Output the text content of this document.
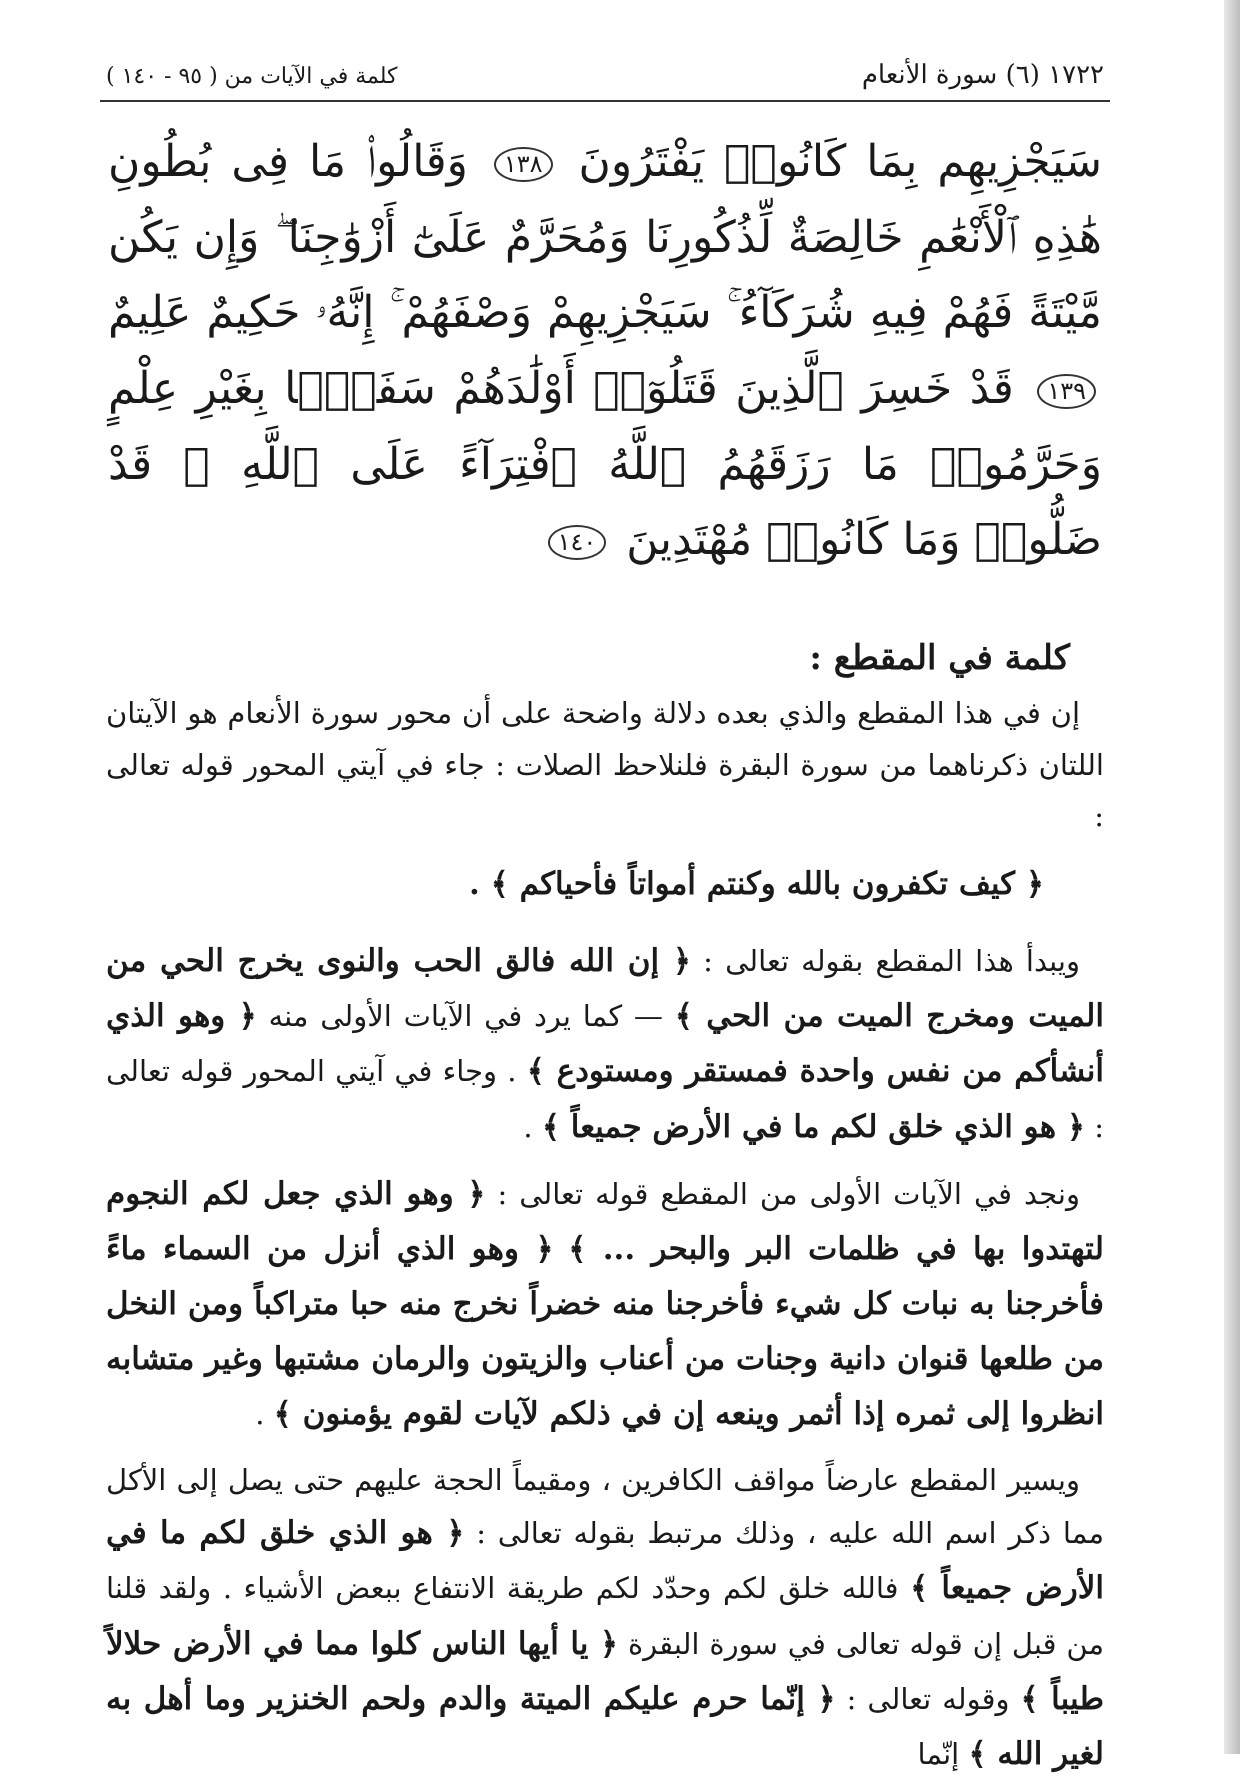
١٧٢٢ (٦) سورة الأنعام
كلمة في الآيات من ( ٩٥ - ١٤٠ )
سَيَجْزِيهِم بِمَا كَانُوا۟ يَفْتَرُونَ ١٣٨ وَقَالُوا۟ مَا فِى بُطُونِ هَٰذِهِ ٱلْأَنْعَٰمِ خَالِصَةٌ لِّذُكُورِنَا وَمُحَرَّمٌ عَلَىٰٓ أَزْوَٰجِنَا ۖ وَإِن يَكُن مَّيْتَةً فَهُمْ فِيهِ شُرَكَآءُ ۚ سَيَجْزِيهِمْ وَصْفَهُمْ ۚ إِنَّهُۥ حَكِيمٌ عَلِيمٌ ١٣٩ قَدْ خَسِرَ ٱلَّذِينَ قَتَلُوٓا۟ أَوْلَٰدَهُمْ سَفَهًۢا بِغَيْرِ عِلْمٍ وَحَرَّمُوا۟ مَا رَزَقَهُمُ ٱللَّهُ ٱفْتِرَآءً عَلَى ٱللَّهِ ۚ قَدْ ضَلُّوا۟ وَمَا كَانُوا۟ مُهْتَدِينَ ١٤٠
كلمة في المقطع :

إن في هذا المقطع والذي بعده دلالة واضحة على أن محور سورة الأنعام هو الآيتان اللتان ذكرناهما من سورة البقرة فلنلاحظ الصلات : جاء في آيتي المحور قوله تعالى :

﴿ كيف تكفرون بالله وكنتم أمواتاً فأحياكم ﴾ .

ويبدأ هذا المقطع بقوله تعالى : ﴿ إن الله فالق الحب والنوى يخرج الحي من الميت ومخرج الميت من الحي ﴾ — كما يرد في الآيات الأولى منه ﴿ وهو الذي أنشأكم من نفس واحدة فمستقر ومستودع ﴾ . وجاء في آيتي المحور قوله تعالى : ﴿ هو الذي خلق لكم ما في الأرض جميعاً ﴾ .

ونجد في الآيات الأولى من المقطع قوله تعالى : ﴿ وهو الذي جعل لكم النجوم لتهتدوا بها في ظلمات البر والبحر ... ﴾ ﴿ وهو الذي أنزل من السماء ماءً فأخرجنا به نبات كل شيء فأخرجنا منه خضراً نخرج منه حبا متراكباً ومن النخل من طلعها قنوان دانية وجنات من أعناب والزيتون والرمان مشتبها وغير متشابه انظروا إلى ثمره إذا أثمر وينعه إن في ذلكم لآيات لقوم يؤمنون ﴾ .

ويسير المقطع عارضاً مواقف الكافرين ، ومقيماً الحجة عليهم حتى يصل إلى الأكل مما ذكر اسم الله عليه ، وذلك مرتبط بقوله تعالى : ﴿ هو الذي خلق لكم ما في الأرض جميعاً ﴾ فالله خلق لكم وحدّد لكم طريقة الانتفاع ببعض الأشياء . ولقد قلنا من قبل إن قوله تعالى في سورة البقرة ﴿ يا أيها الناس كلوا مما في الأرض حلالاً طيباً ﴾ وقوله تعالى : ﴿ إنّما حرم عليكم الميتة والدم ولحم الخنزير وما أهل به لغير الله ﴾ إنّما
